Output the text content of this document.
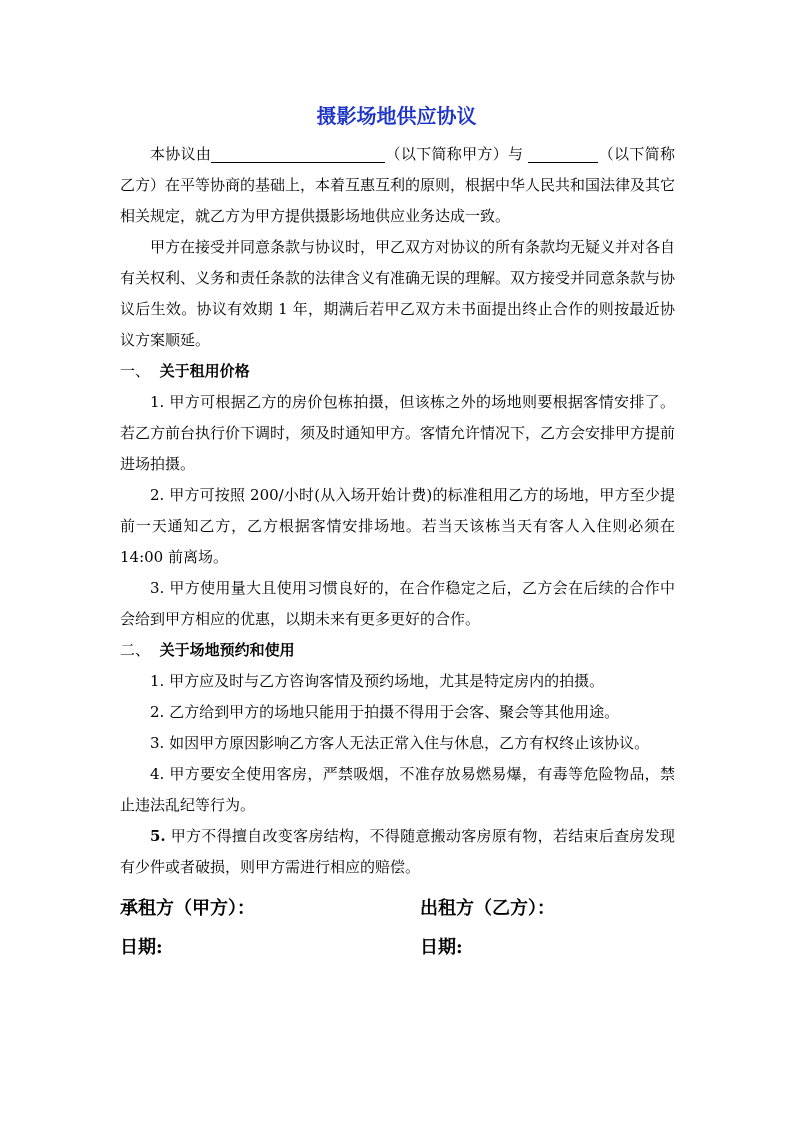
摄影场地供应协议

本协议由	（以下简称甲方）与	（以下简称乙方）在平等协商的基础上，本着互惠互利的原则，根据中华人民共和国法律及其它相关规定，就乙方为甲方提供摄影场地供应业务达成一致。

甲方在接受并同意条款与协议时，甲乙双方对协议的所有条款均无疑义并对各自有关权利、义务和责任条款的法律含义有准确无误的理解。双方接受并同意条款与协议后生效。协议有效期 1 年，期满后若甲乙双方未书面提出终止合作的则按最近协议方案顺延。

一、 关于租用价格

1. 甲方可根据乙方的房价包栋拍摄，但该栋之外的场地则要根据客情安排了。若乙方前台执行价下调时，须及时通知甲方。客情允许情况下，乙方会安排甲方提前进场拍摄。

2. 甲方可按照 200/小时(从入场开始计费)的标准租用乙方的场地，甲方至少提前一天通知乙方，乙方根据客情安排场地。若当天该栋当天有客人入住则必须在 14:00 前离场。

3. 甲方使用量大且使用习惯良好的，在合作稳定之后，乙方会在后续的合作中会给到甲方相应的优惠，以期未来有更多更好的合作。

二、 关于场地预约和使用

1. 甲方应及时与乙方咨询客情及预约场地，尤其是特定房内的拍摄。

2. 乙方给到甲方的场地只能用于拍摄不得用于会客、聚会等其他用途。

3. 如因甲方原因影响乙方客人无法正常入住与休息，乙方有权终止该协议。

4. 甲方要安全使用客房，严禁吸烟，不准存放易燃易爆，有毒等危险物品，禁止违法乱纪等行为。

5. 甲方不得擅自改变客房结构，不得随意搬动客房原有物，若结束后查房发现有少件或者破损，则甲方需进行相应的赔偿。

承租方（甲方）：	出租方（乙方）：
日期:	日期:
